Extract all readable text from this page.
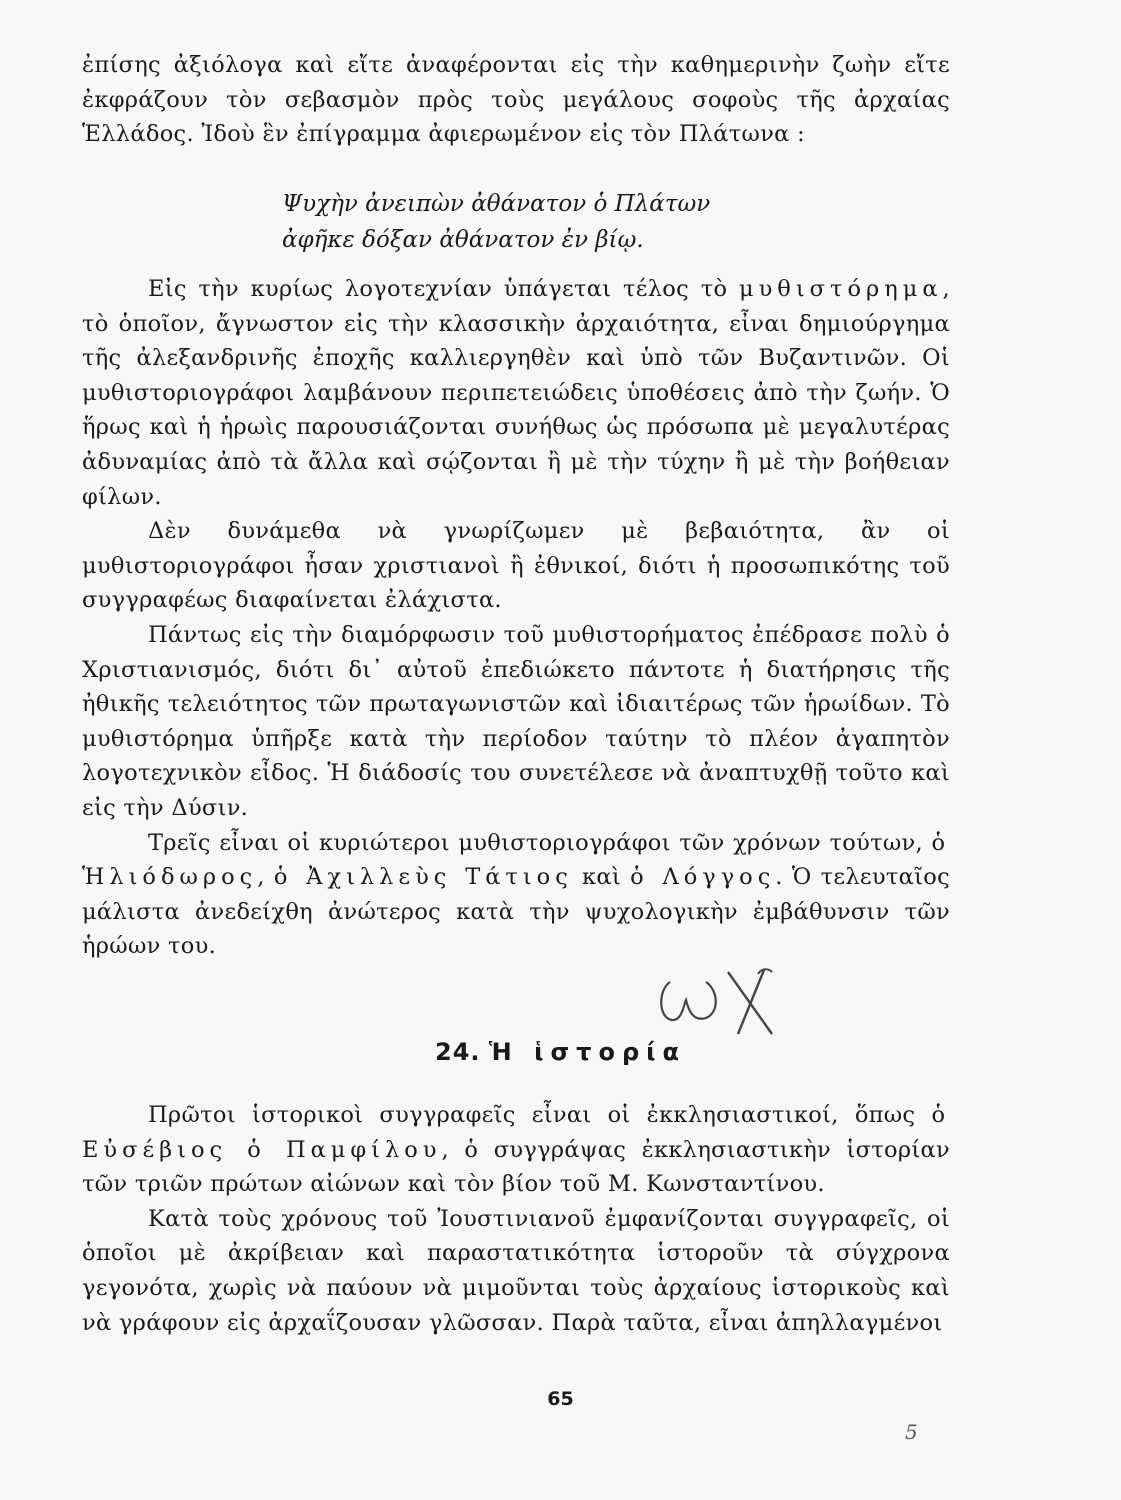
ἐπίσης ἀξιόλογα καὶ εἴτε ἀναφέρονται εἰς τὴν καθημερινὴν ζωὴν εἴτε ἐκφράζουν τὸν σεβασμὸν πρὸς τοὺς μεγάλους σοφοὺς τῆς ἀρχαίας Ἑλλάδος. Ἰδοὺ ἓν ἐπίγραμμα ἀφιερωμένον εἰς τὸν Πλάτωνα :

Ψυχὴν ἀνειπὼν ἀθάνατον ὁ Πλάτων
ἀφῆκε δόξαν ἀθάνατον ἐν βίῳ.

Εἰς τὴν κυρίως λογοτεχνίαν ὑπάγεται τέλος τὸ μυθιστόρημα, τὸ ὁποῖον, ἄγνωστον εἰς τὴν κλασσικὴν ἀρχαιότητα, εἶναι δημιούργημα τῆς ἀλεξανδρινῆς ἐποχῆς καλλιεργηθὲν καὶ ὑπὸ τῶν Βυζαντινῶν. Οἱ μυθιστοριογράφοι λαμβάνουν περιπετειώδεις ὑποθέσεις ἀπὸ τὴν ζωήν. Ὁ ἥρως καὶ ἡ ἡρωὶς παρουσιάζονται συνήθως ὡς πρόσωπα μὲ μεγαλυτέρας ἀδυναμίας ἀπὸ τὰ ἄλλα καὶ σῴζονται ἢ μὲ τὴν τύχην ἢ μὲ τὴν βοήθειαν φίλων.

Δὲν δυνάμεθα νὰ γνωρίζωμεν μὲ βεβαιότητα, ἂν οἱ μυθιστοριογράφοι ἦσαν χριστιανοὶ ἢ ἐθνικοί, διότι ἡ προσωπικότης τοῦ συγγραφέως διαφαίνεται ἐλάχιστα.

Πάντως εἰς τὴν διαμόρφωσιν τοῦ μυθιστορήματος ἐπέδρασε πολὺ ὁ Χριστιανισμός, διότι δι᾿ αὐτοῦ ἐπεδιώκετο πάντοτε ἡ διατήρησις τῆς ἠθικῆς τελειότητος τῶν πρωταγωνιστῶν καὶ ἰδιαιτέρως τῶν ἡρωίδων. Τὸ μυθιστόρημα ὑπῆρξε κατὰ τὴν περίοδον ταύτην τὸ πλέον ἀγαπητὸν λογοτεχνικὸν εἶδος. Ἡ διάδοσίς του συνετέλεσε νὰ ἀναπτυχθῇ τοῦτο καὶ εἰς τὴν Δύσιν.

Τρεῖς εἶναι οἱ κυριώτεροι μυθιστοριογράφοι τῶν χρόνων τούτων, ὁ Ἡλιόδωρος, ὁ Ἀχιλλεὺς Τάτιος καὶ ὁ Λόγγος. Ὁ τελευταῖος μάλιστα ἀνεδείχθη ἀνώτερος κατὰ τὴν ψυχολογικὴν ἐμβάθυνσιν τῶν ἡρώων του.

24. Ἡ ἱστορία

Πρῶτοι ἱστορικοὶ συγγραφεῖς εἶναι οἱ ἐκκλησιαστικοί, ὅπως ὁ Εὐσέβιος ὁ Παμφίλου, ὁ συγγράψας ἐκκλησιαστικὴν ἱστορίαν τῶν τριῶν πρώτων αἰώνων καὶ τὸν βίον τοῦ Μ. Κωνσταντίνου.

Κατὰ τοὺς χρόνους τοῦ Ἰουστινιανοῦ ἐμφανίζονται συγγραφεῖς, οἱ ὁποῖοι μὲ ἀκρίβειαν καὶ παραστατικότητα ἱστοροῦν τὰ σύγχρονα γεγονότα, χωρὶς νὰ παύουν νὰ μιμοῦνται τοὺς ἀρχαίους ἱστορικοὺς καὶ νὰ γράφουν εἰς ἀρχαΐζουσαν γλῶσσαν. Παρὰ ταῦτα, εἶναι ἀπηλλαγμένοι

65
5
